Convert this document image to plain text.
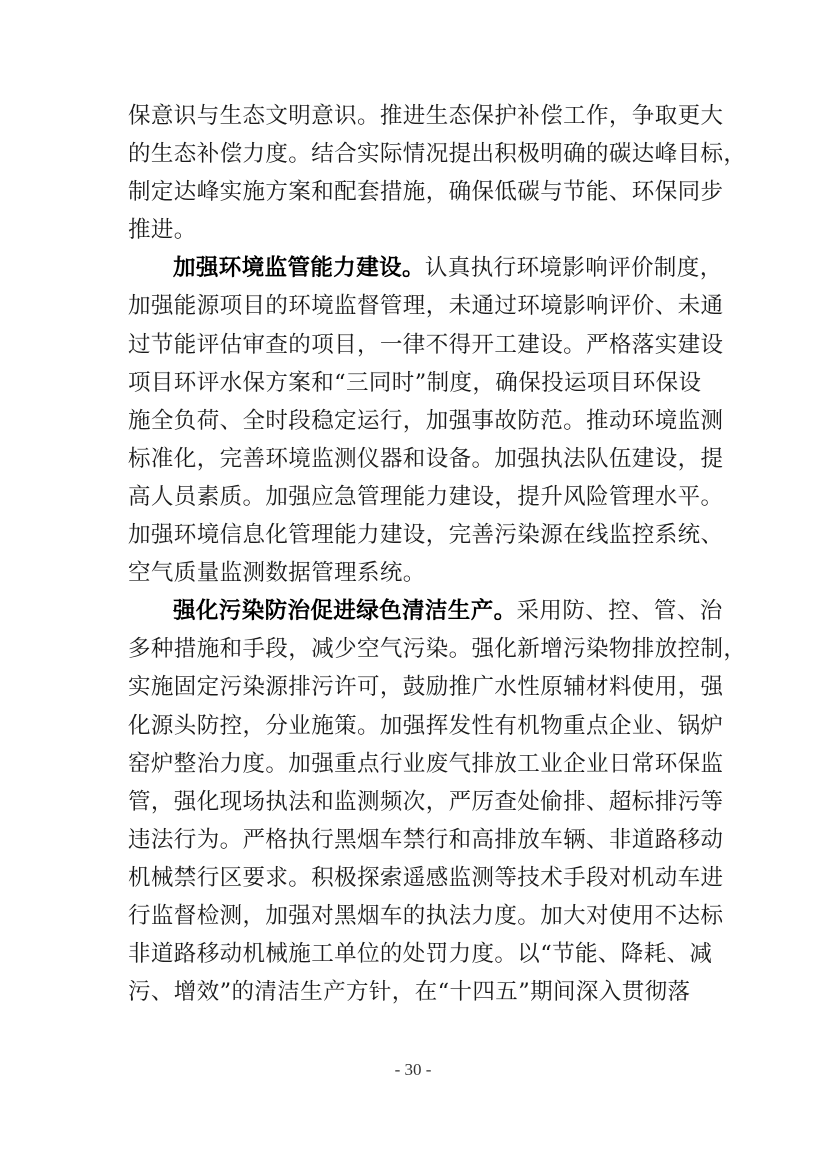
保意识与生态文明意识。推进生态保护补偿工作，争取更大
的生态补偿力度。结合实际情况提出积极明确的碳达峰目标，
制定达峰实施方案和配套措施，确保低碳与节能、环保同步
推进。
加强环境监管能力建设。认真执行环境影响评价制度，
加强能源项目的环境监督管理，未通过环境影响评价、未通
过节能评估审查的项目，一律不得开工建设。严格落实建设
项目环评水保方案和“三同时”制度，确保投运项目环保设
施全负荷、全时段稳定运行，加强事故防范。推动环境监测
标准化，完善环境监测仪器和设备。加强执法队伍建设，提
高人员素质。加强应急管理能力建设，提升风险管理水平。
加强环境信息化管理能力建设，完善污染源在线监控系统、
空气质量监测数据管理系统。
强化污染防治促进绿色清洁生产。采用防、控、管、治
多种措施和手段，减少空气污染。强化新增污染物排放控制，
实施固定污染源排污许可，鼓励推广水性原辅材料使用，强
化源头防控，分业施策。加强挥发性有机物重点企业、锅炉
窑炉整治力度。加强重点行业废气排放工业企业日常环保监
管，强化现场执法和监测频次，严厉查处偷排、超标排污等
违法行为。严格执行黑烟车禁行和高排放车辆、非道路移动
机械禁行区要求。积极探索遥感监测等技术手段对机动车进
行监督检测，加强对黑烟车的执法力度。加大对使用不达标
非道路移动机械施工单位的处罚力度。以“节能、降耗、减
污、增效”的清洁生产方针，在“十四五”期间深入贯彻落
- 30 -
